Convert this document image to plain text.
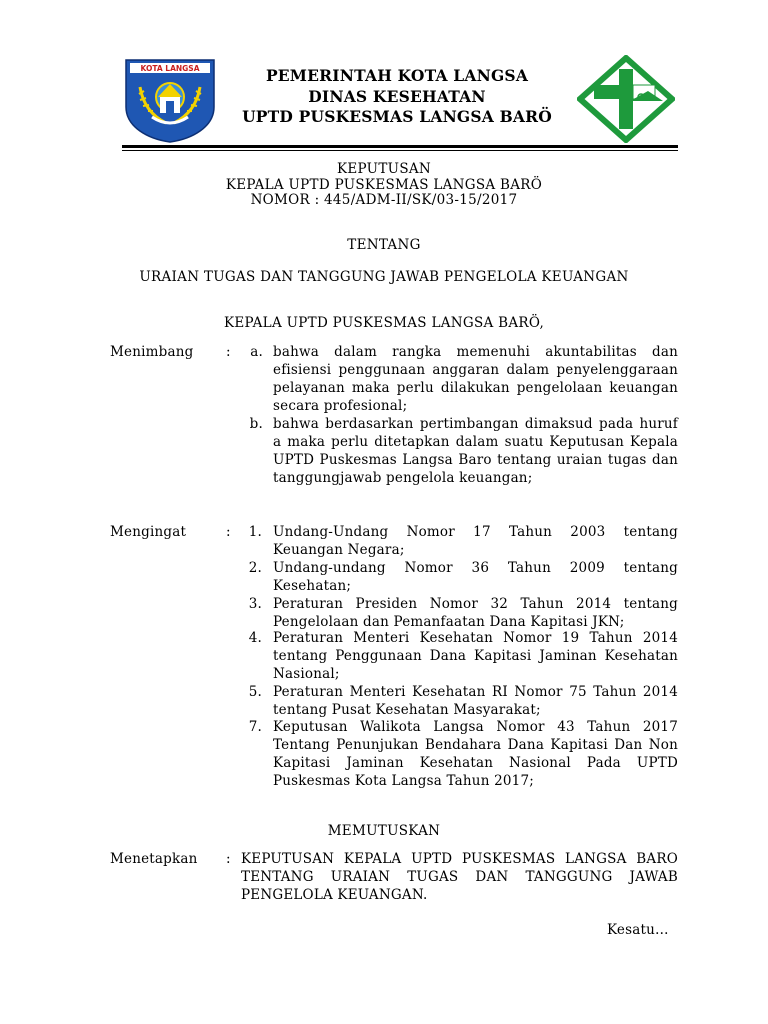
KOTA LANGSA	PEMERINTAH KOTA LANGSA
DINAS KESEHATAN
UPTD PUSKESMAS LANGSA BARÖ
KEPUTUSAN
KEPALA UPTD PUSKESMAS LANGSA BARÖ
NOMOR : 445/ADM-II/SK/03-15/2017
TENTANG
URAIAN TUGAS DAN TANGGUNG JAWAB PENGELOLA KEUANGAN
KEPALA UPTD PUSKESMAS LANGSA BARÖ,
Menimbang :	a. bahwa dalam rangka memenuhi akuntabilitas dan efisiensi penggunaan anggaran dalam penyelenggaraan pelayanan maka perlu dilakukan pengelolaan keuangan secara profesional;
b. bahwa berdasarkan pertimbangan dimaksud pada huruf a maka perlu ditetapkan dalam suatu Keputusan Kepala UPTD Puskesmas Langsa Baro tentang uraian tugas dan tanggungjawab pengelola keuangan;
Mengingat	:	1. Undang-Undang Nomor 17 Tahun 2003 tentang Keuangan Negara;
2. Undang-undang Nomor 36 Tahun 2009 tentang Kesehatan;
3. Peraturan Presiden Nomor 32 Tahun 2014 tentang Pengelolaan dan Pemanfaatan Dana Kapitasi JKN;
4. Peraturan Menteri Kesehatan Nomor 19 Tahun 2014 tentang Penggunaan Dana Kapitasi Jaminan Kesehatan Nasional;
5. Peraturan Menteri Kesehatan RI Nomor 75 Tahun 2014 tentang Pusat Kesehatan Masyarakat;
7. Keputusan Walikota Langsa Nomor 43 Tahun 2017 Tentang Penunjukan Bendahara Dana Kapitasi Dan Non Kapitasi Jaminan Kesehatan Nasional Pada UPTD Puskesmas Kota Langsa Tahun 2017;
MEMUTUSKAN
Menetapkan : KEPUTUSAN KEPALA UPTD PUSKESMAS LANGSA BARO TENTANG URAIAN TUGAS DAN TANGGUNG JAWAB PENGELOLA KEUANGAN.
Kesatu…
